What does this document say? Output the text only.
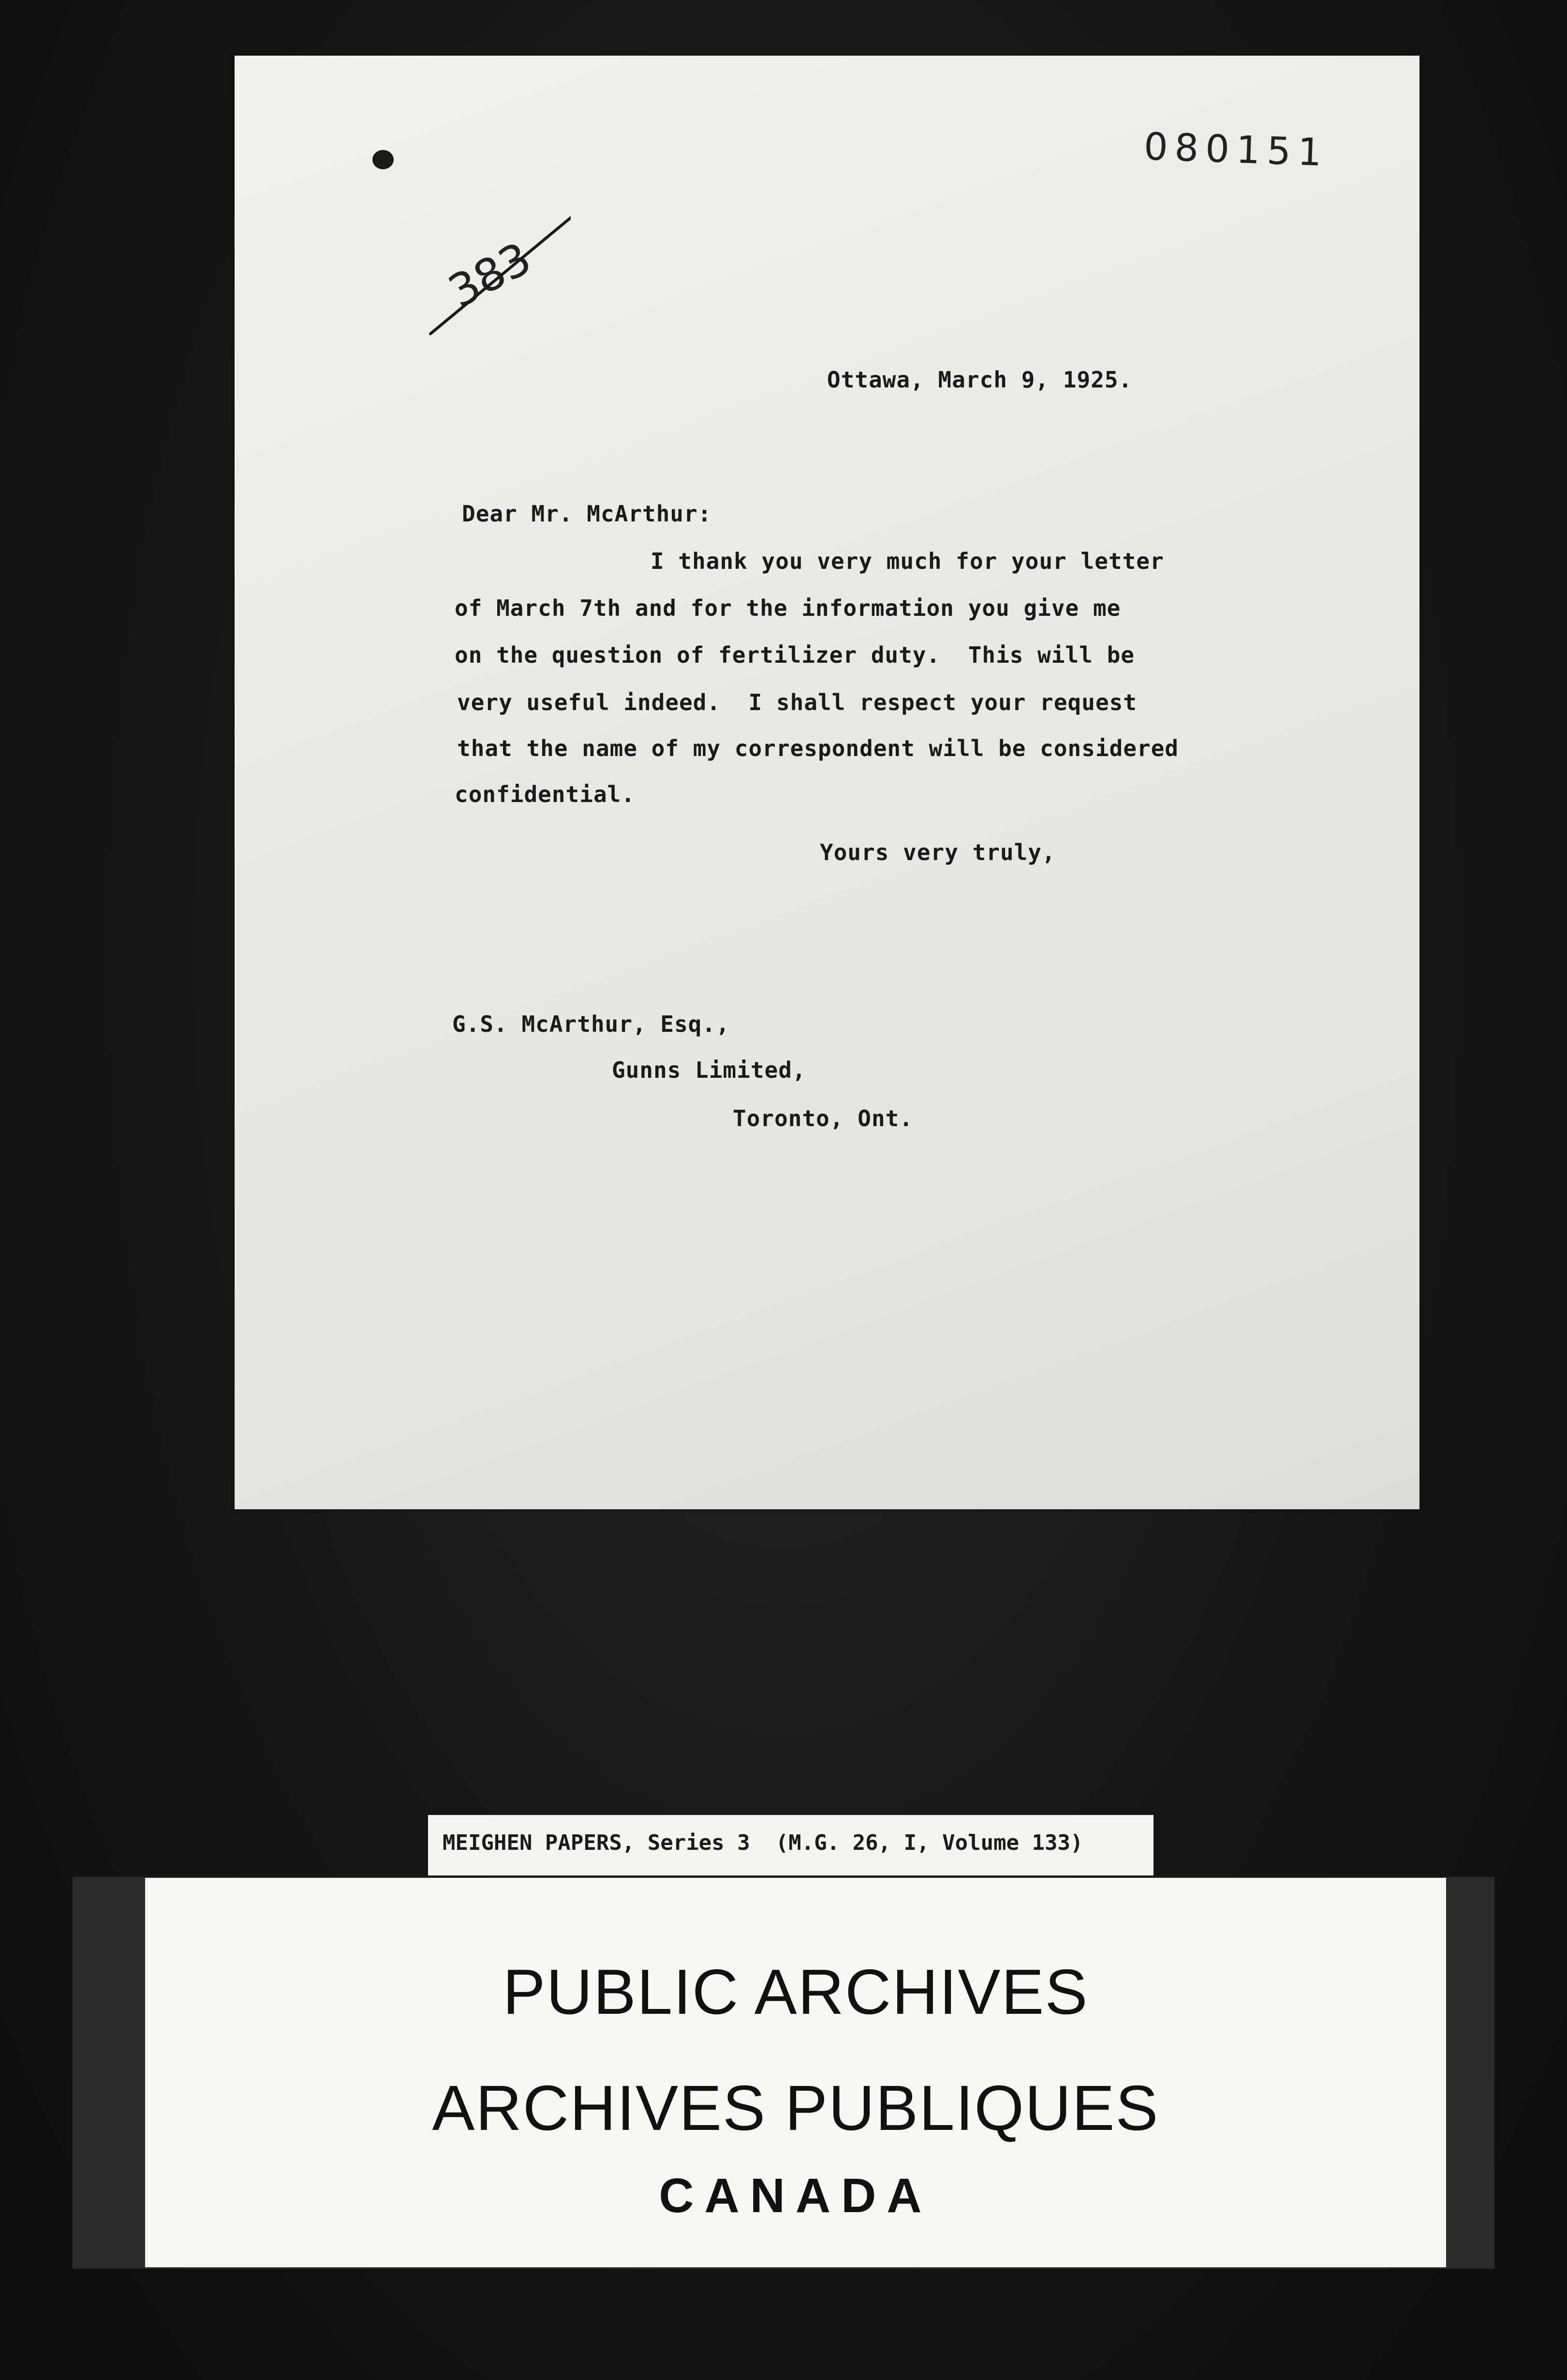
080151
383
Ottawa, March 9, 1925.
Dear Mr. McArthur:
I thank you very much for your letter
of March 7th and for the information you give me
on the question of fertilizer duty.  This will be
very useful indeed.  I shall respect your request
that the name of my correspondent will be considered
confidential.
Yours very truly,
G.S. McArthur, Esq.,
Gunns Limited,
Toronto, Ont.
MEIGHEN PAPERS, Series 3  (M.G. 26, I, Volume 133)
PUBLIC ARCHIVES
ARCHIVES PUBLIQUES
CANADA
